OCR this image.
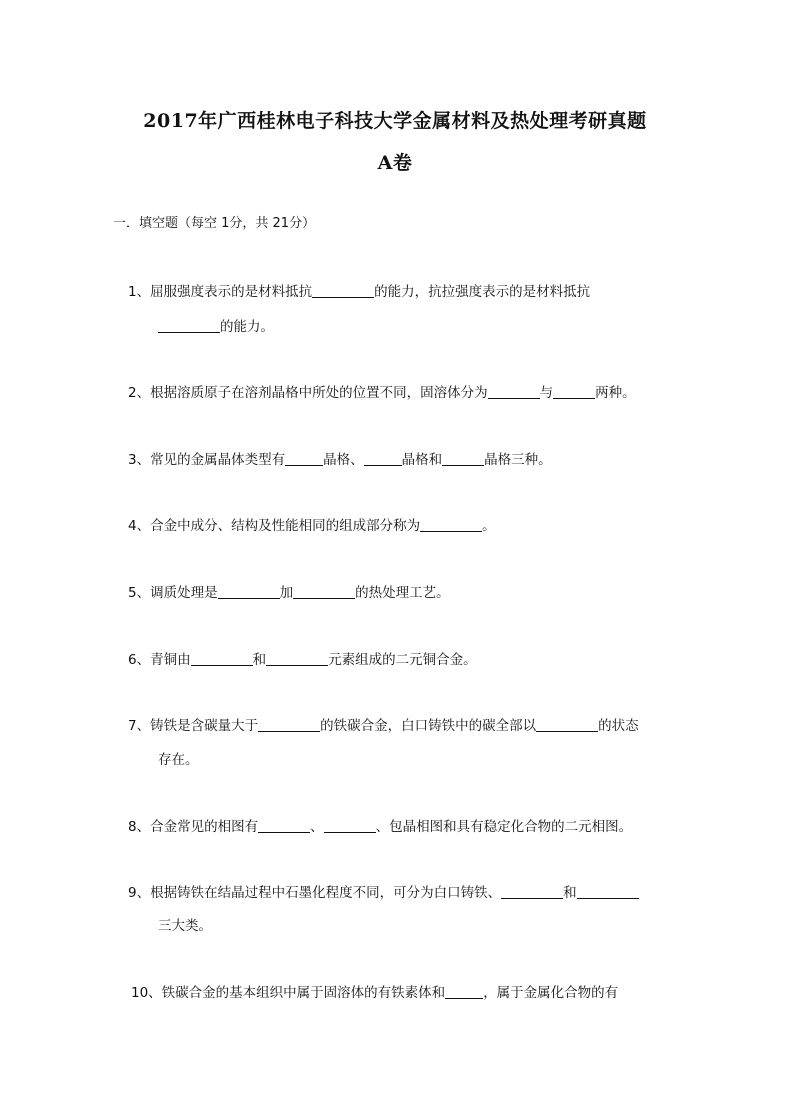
2017年广西桂林电子科技大学金属材料及热处理考研真题
A卷
一．填空题（每空 1分，共 21分）
1、屈服强度表示的是材料抵抗	的能力，抗拉强度表示的是材料抵抗
的能力。
2、根据溶质原子在溶剂晶格中所处的位置不同，固溶体分为	与	两种。
3、常见的金属晶体类型有	晶格、	晶格和	晶格三种。
4、合金中成分、结构及性能相同的组成部分称为	。
5、调质处理是	加	的热处理工艺。
6、青铜由	和	元素组成的二元铜合金。
7、铸铁是含碳量大于	的铁碳合金，白口铸铁中的碳全部以	的状态
存在。
8、合金常见的相图有	、	、包晶相图和具有稳定化合物的二元相图。
9、根据铸铁在结晶过程中石墨化程度不同，可分为白口铸铁、	和
三大类。
10、铁碳合金的基本组织中属于固溶体的有铁素体和	，属于金属化合物的有
